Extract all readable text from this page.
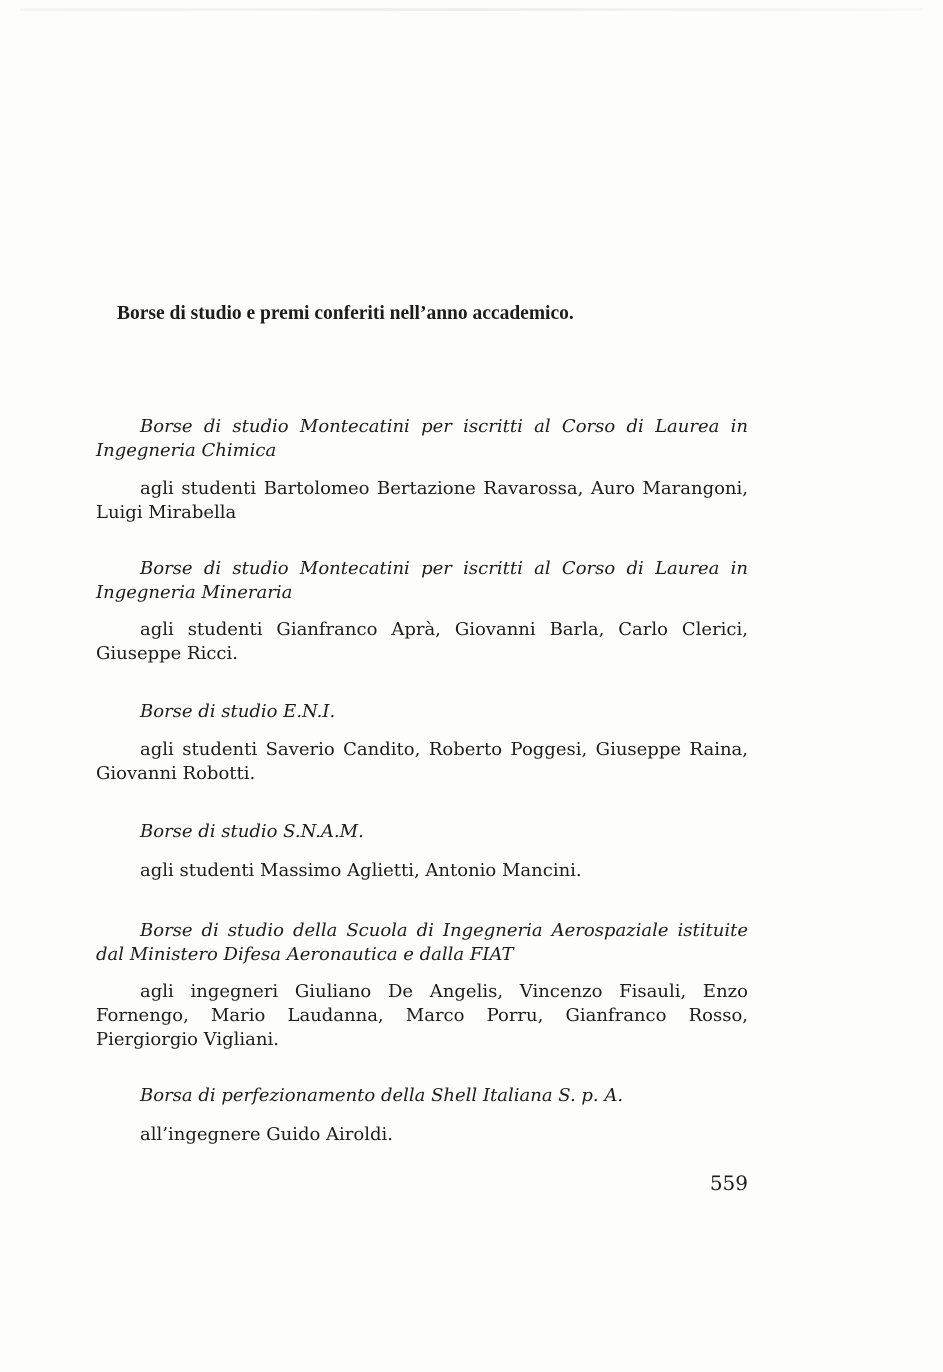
Borse di studio e premi conferiti nell’anno accademico.

Borse di studio Montecatini per iscritti al Corso di Laurea in Ingegneria Chimica

agli studenti Bartolomeo Bertazione Ravarossa, Auro Marangoni, Luigi Mirabella

Borse di studio Montecatini per iscritti al Corso di Laurea in Ingegneria Mineraria

agli studenti Gianfranco Aprà, Giovanni Barla, Carlo Clerici, Giuseppe Ricci.

Borse di studio E.N.I.

agli studenti Saverio Candito, Roberto Poggesi, Giuseppe Raina, Giovanni Robotti.

Borse di studio S.N.A.M.

agli studenti Massimo Aglietti, Antonio Mancini.

Borse di studio della Scuola di Ingegneria Aerospaziale istituite dal Ministero Difesa Aeronautica e dalla FIAT

agli ingegneri Giuliano De Angelis, Vincenzo Fisauli, Enzo Fornengo, Mario Laudanna, Marco Porru, Gianfranco Rosso, Piergiorgio Vigliani.

Borsa di perfezionamento della Shell Italiana S. p. A.

all’ingegnere Guido Airoldi.

559
